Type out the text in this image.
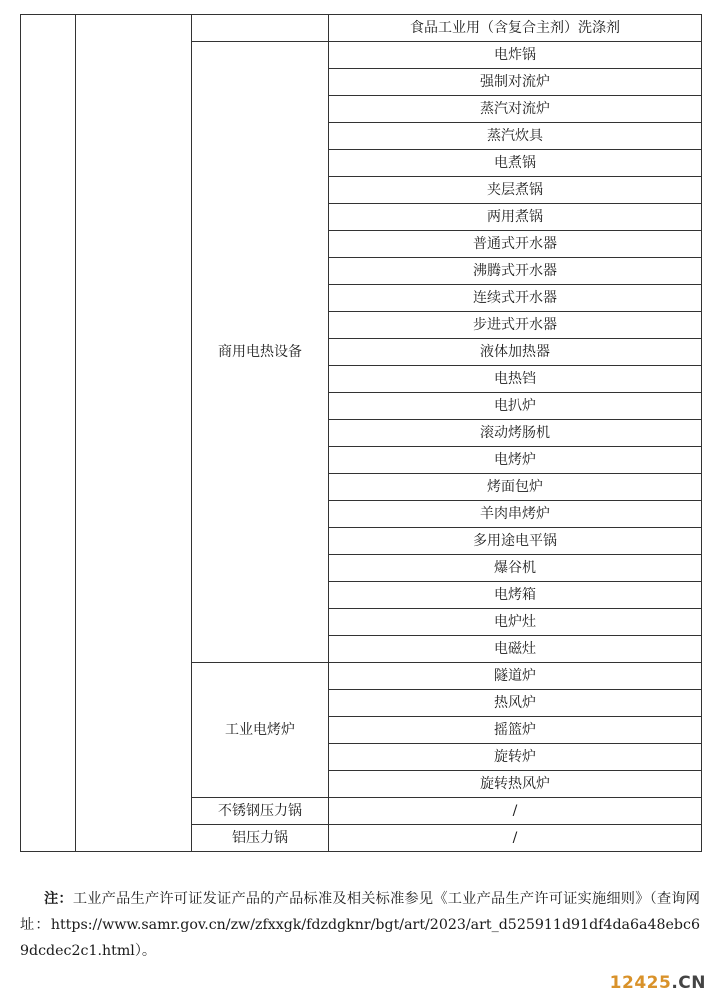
			食品工业用（含复合主剂）洗涤剂
		商用电热设备	电炸锅
			强制对流炉
			蒸汽对流炉
			蒸汽炊具
			电煮锅
			夹层煮锅
			两用煮锅
			普通式开水器
			沸腾式开水器
			连续式开水器
			步进式开水器
			液体加热器
			电热铛
			电扒炉
			滚动烤肠机
			电烤炉
			烤面包炉
			羊肉串烤炉
			多用途电平锅
			爆谷机
			电烤箱
			电炉灶
			电磁灶
		工业电烤炉	隧道炉
			热风炉
			摇篮炉
			旋转炉
			旋转热风炉
		不锈钢压力锅	/
		铝压力锅	/
注：工业产品生产许可证发证产品的产品标准及相关标准参见《工业产品生产许可证实施细则》（查询网址：https://www.samr.gov.cn/zw/zfxxgk/fdzdgknr/bgt/art/2023/art_d525911d91df4da6a48ebc69dcdec2c1.html）。
12425.CN
